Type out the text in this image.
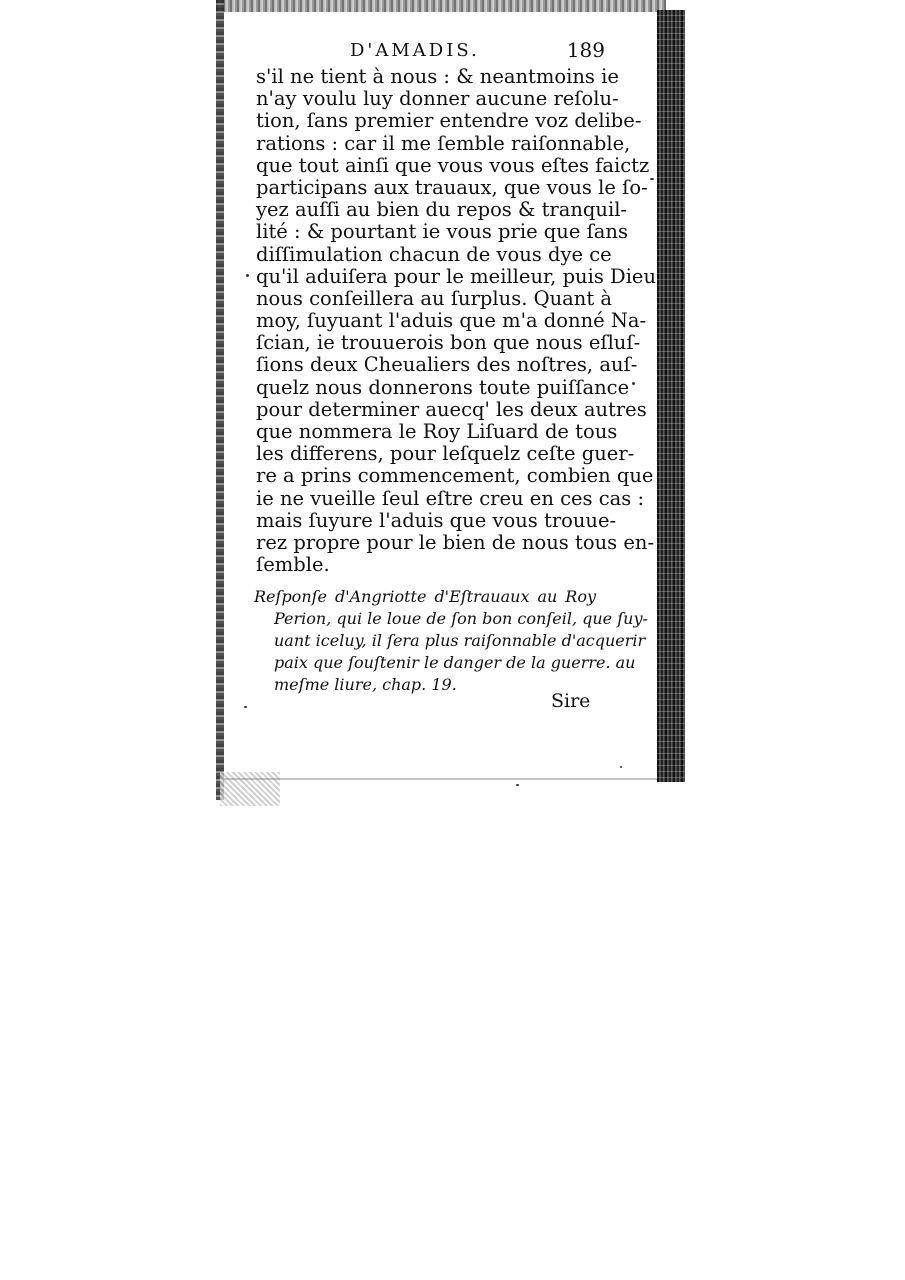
D'AMADIS.	189
s'il ne tient à nous : & neantmoins ie
n'ay voulu luy donner aucune reſolu-
tion, ſans premier entendre voz delibe-
rations : car il me ſemble raiſonnable,
que tout ainſi que vous vous eſtes faictz
participans aux trauaux, que vous le ſo-
yez auſſi au bien du repos & tranquil-
lité : & pourtant ie vous prie que ſans
diſſimulation chacun de vous dye ce
qu'il aduiſera pour le meilleur, puis Dieu
nous conſeillera au ſurplus. Quant à
moy, ſuyuant l'aduis que m'a donné Na-
ſcian, ie trouuerois bon que nous eſluſ-
ſions deux Cheualiers des noſtres, auſ-
quelz nous donnerons toute puiſſance
pour determiner auecq' les deux autres
que nommera le Roy Liſuard de tous
les differens, pour leſquelz ceſte guer-
re a prins commencement, combien que
ie ne vueille ſeul eſtre creu en ces cas :
mais ſuyure l'aduis que vous trouue-
rez propre pour le bien de nous tous en-
ſemble.
Reſponſe d'Angriotte d'Eſtrauaux au Roy
Perion, qui le loue de ſon bon conſeil, que ſuy-
uant iceluy, il ſera plus raiſonnable d'acquerir
paix que ſouſtenir le danger de la guerre. au
meſme liure, chap. 19.
Sire
